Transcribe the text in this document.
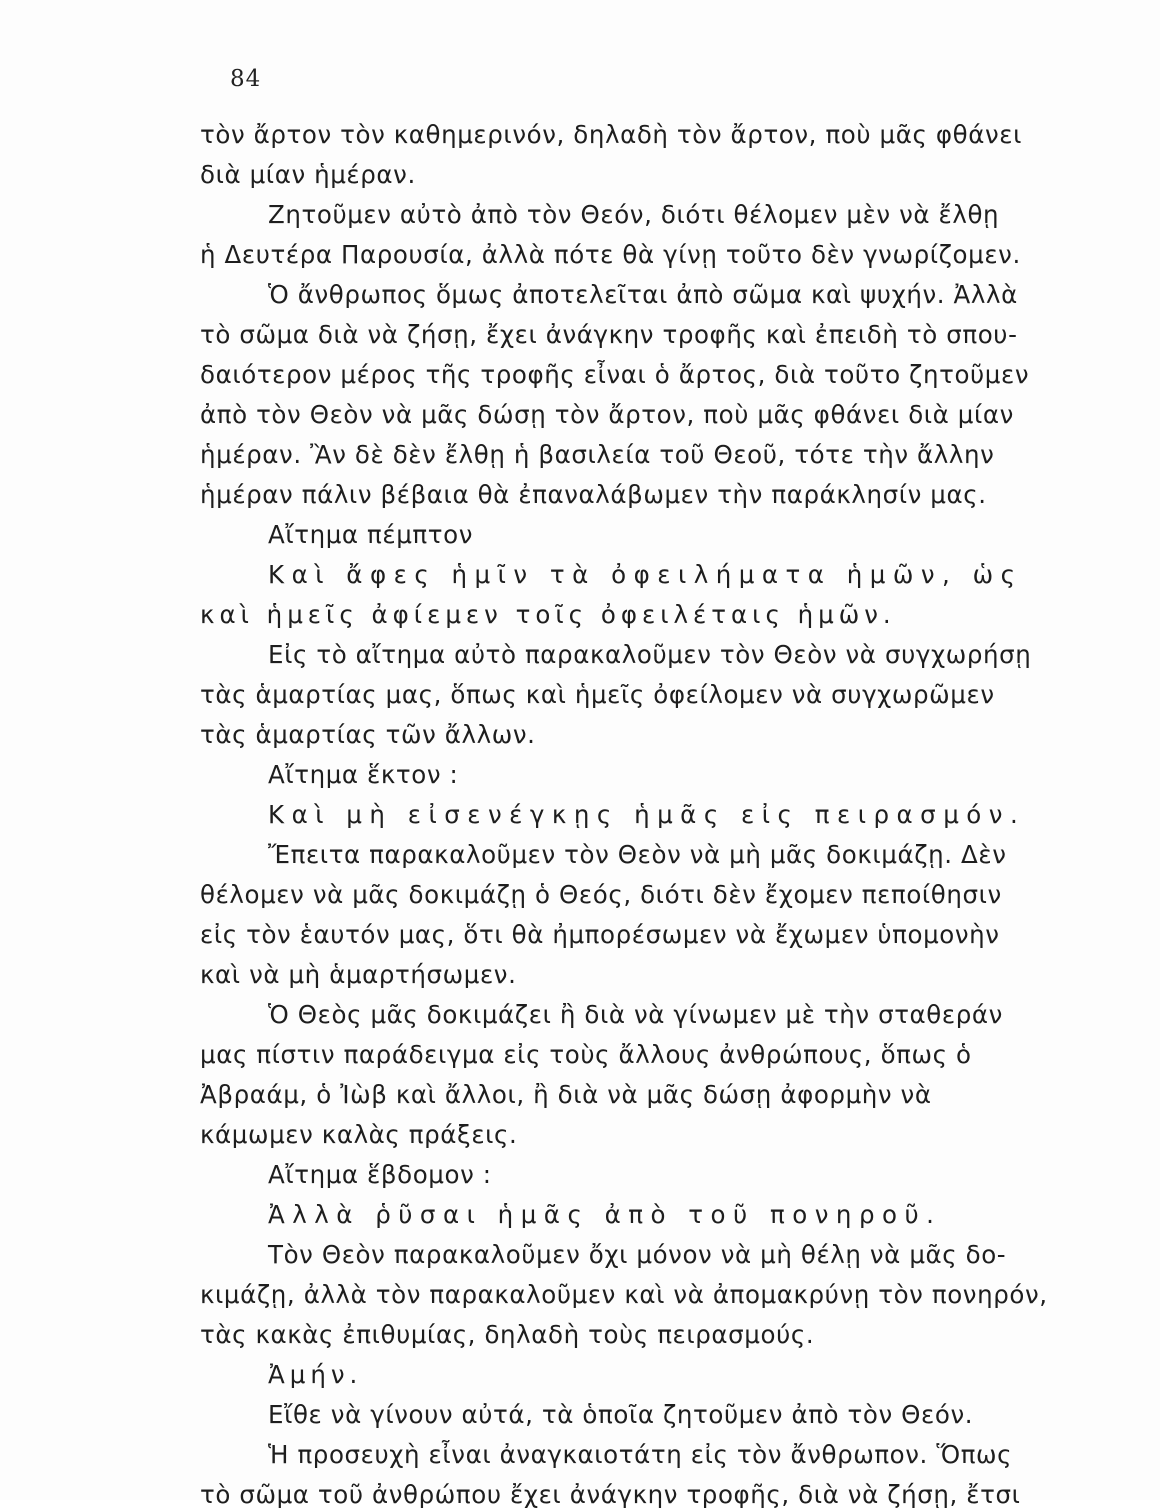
84
τὸν ἄρτον τὸν καθημερινόν, δηλαδὴ τὸν ἄρτον, ποὺ μᾶς φθάνει
διὰ μίαν ἡμέραν.
Ζητοῦμεν αὐτὸ ἀπὸ τὸν Θεόν, διότι θέλομεν μὲν νὰ ἔλθῃ
ἡ Δευτέρα Παρουσία, ἀλλὰ πότε θὰ γίνῃ τοῦτο δὲν γνωρίζομεν.
Ὁ ἄνθρωπος ὅμως ἀποτελεῖται ἀπὸ σῶμα καὶ ψυχήν. Ἀλλὰ
τὸ σῶμα διὰ νὰ ζήσῃ, ἔχει ἀνάγκην τροφῆς καὶ ἐπειδὴ τὸ σπου-
δαιότερον μέρος τῆς τροφῆς εἶναι ὁ ἄρτος, διὰ τοῦτο ζητοῦμεν
ἀπὸ τὸν Θεὸν νὰ μᾶς δώσῃ τὸν ἄρτον, ποὺ μᾶς φθάνει διὰ μίαν
ἡμέραν. Ἂν δὲ δὲν ἔλθῃ ἡ βασιλεία τοῦ Θεοῦ, τότε τὴν ἄλλην
ἡμέραν πάλιν βέβαια θὰ ἐπαναλάβωμεν τὴν παράκλησίν μας.
Αἴτημα πέμπτον
Καὶ ἄφες ἡμῖν τὰ ὀφειλήματα ἡμῶν, ὡς
καὶ ἡμεῖς ἀφίεμεν τοῖς ὀφειλέταις ἡμῶν.
Εἰς τὸ αἴτημα αὐτὸ παρακαλοῦμεν τὸν Θεὸν νὰ συγχωρήσῃ
τὰς ἁμαρτίας μας, ὅπως καὶ ἡμεῖς ὀφείλομεν νὰ συγχωρῶμεν
τὰς ἁμαρτίας τῶν ἄλλων.
Αἴτημα ἕκτον :
Καὶ μὴ εἰσενέγκῃς ἡμᾶς εἰς πειρασμόν.
Ἔπειτα παρακαλοῦμεν τὸν Θεὸν νὰ μὴ μᾶς δοκιμάζῃ. Δὲν
θέλομεν νὰ μᾶς δοκιμάζῃ ὁ Θεός, διότι δὲν ἔχομεν πεποίθησιν
εἰς τὸν ἑαυτόν μας, ὅτι θὰ ἠμπορέσωμεν νὰ ἔχωμεν ὑπομονὴν
καὶ νὰ μὴ ἁμαρτήσωμεν.
Ὁ Θεὸς μᾶς δοκιμάζει ἢ διὰ νὰ γίνωμεν μὲ τὴν σταθεράν
μας πίστιν παράδειγμα εἰς τοὺς ἄλλους ἀνθρώπους, ὅπως ὁ
Ἀβραάμ, ὁ Ἰὼβ καὶ ἄλλοι, ἢ διὰ νὰ μᾶς δώσῃ ἀφορμὴν νὰ
κάμωμεν καλὰς πράξεις.
Αἴτημα ἕβδομον :
Ἀλλὰ ῥῦσαι ἡμᾶς ἀπὸ τοῦ πονηροῦ.
Τὸν Θεὸν παρακαλοῦμεν ὄχι μόνον νὰ μὴ θέλῃ νὰ μᾶς δο-
κιμάζῃ, ἀλλὰ τὸν παρακαλοῦμεν καὶ νὰ ἀπομακρύνῃ τὸν πονηρόν,
τὰς κακὰς ἐπιθυμίας, δηλαδὴ τοὺς πειρασμούς.
Ἀμήν.
Εἴθε νὰ γίνουν αὐτά, τὰ ὁποῖα ζητοῦμεν ἀπὸ τὸν Θεόν.
Ἡ προσευχὴ εἶναι ἀναγκαιοτάτη εἰς τὸν ἄνθρωπον. Ὅπως
τὸ σῶμα τοῦ ἀνθρώπου ἔχει ἀνάγκην τροφῆς, διὰ νὰ ζήσῃ, ἔτσι
